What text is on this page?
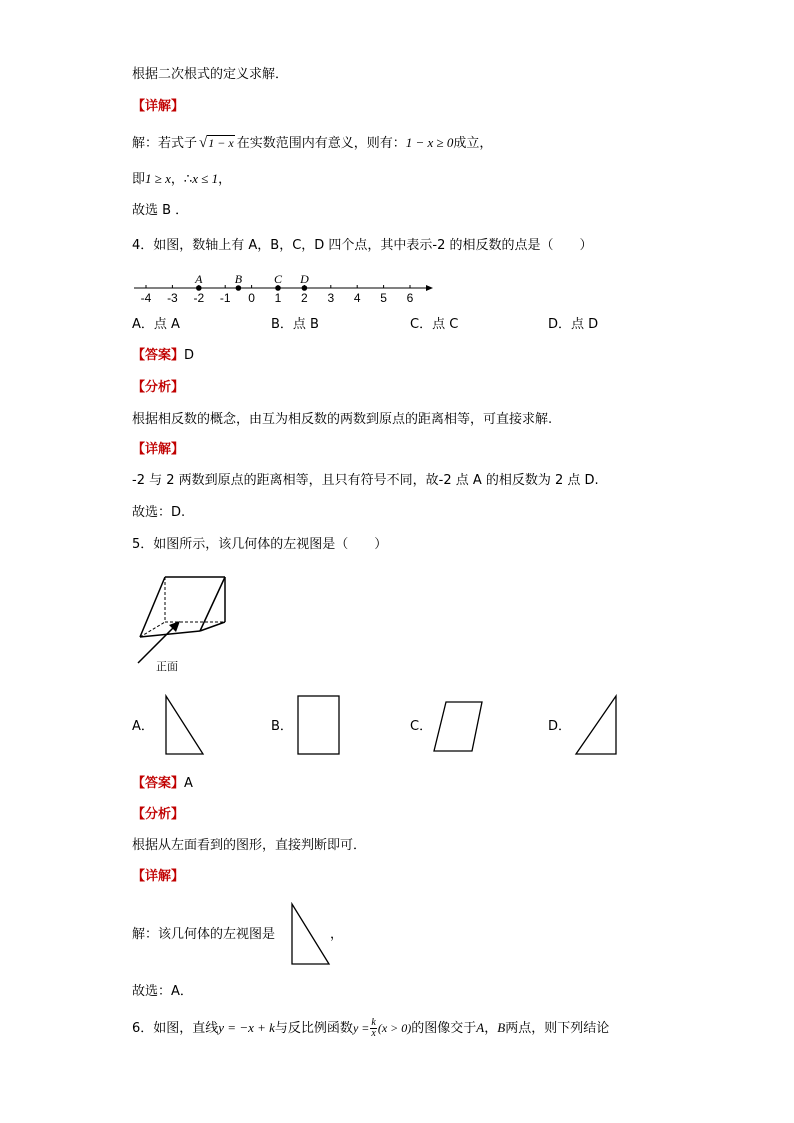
根据二次根式的定义求解．
【详解】
解：若式子 √1 − x 在实数范围内有意义，则有：1 − x ≥ 0成立，
即1 ≥ x，∴x ≤ 1，
故选 B ．
4．如图，数轴上有 A，B，C，D 四个点，其中表示-2 的相反数的点是（　　）
-4 -3 -2 -1 0 1 2 3 4 5 6
A	B	C D
A．点 A	B．点 B	C．点 C	D．点 D
【答案】D
【分析】
根据相反数的概念，由互为相反数的两数到原点的距离相等，可直接求解.
【详解】
-2 与 2 两数到原点的距离相等，且只有符号不同，故-2 点 A 的相反数为 2 点 D.
故选：D.
5．如图所示，该几何体的左视图是（　　）
正面
A．	B．	C．	D．
【答案】A
【分析】
根据从左面看到的图形，直接判断即可．
【详解】
解：该几何体的左视图是	，
故选：A．
6．如图，直线y = −x + k与反比例函数$y = \frac{k}{x} (x > 0)$的图像交于A，B两点，则下列结论
